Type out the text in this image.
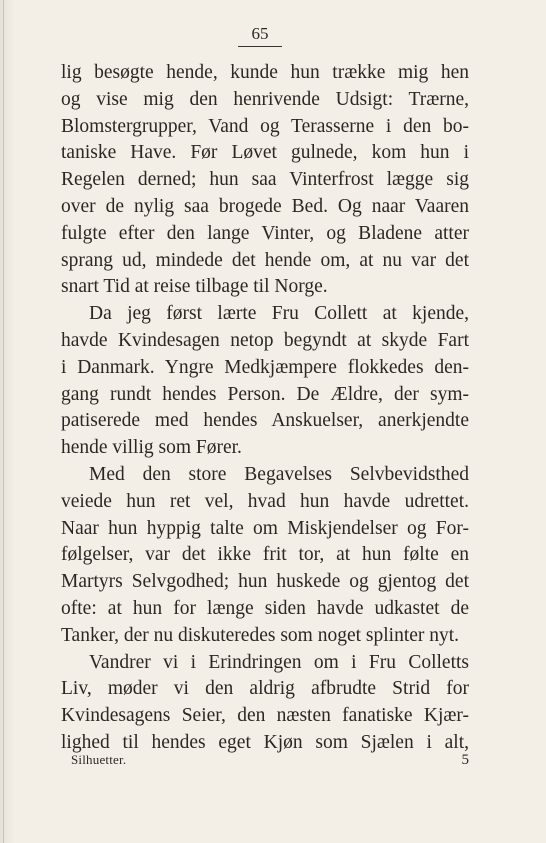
65
lig besøgte hende, kunde hun trække mig hen
og vise mig den henrivende Udsigt: Trærne,
Blomstergrupper, Vand og Terasserne i den bo-
taniske Have. Før Løvet gulnede, kom hun i
Regelen derned; hun saa Vinterfrost lægge sig
over de nylig saa brogede Bed. Og naar Vaaren
fulgte efter den lange Vinter, og Bladene atter
sprang ud, mindede det hende om, at nu var det
snart Tid at reise tilbage til Norge.
Da jeg først lærte Fru Collett at kjende,
havde Kvindesagen netop begyndt at skyde Fart
i Danmark. Yngre Medkjæmpere flokkedes den-
gang rundt hendes Person. De Ældre, der sym-
patiserede med hendes Anskuelser, anerkjendte
hende villig som Fører.
Med den store Begavelses Selvbevidsthed
veiede hun ret vel, hvad hun havde udrettet.
Naar hun hyppig talte om Miskjendelser og For-
følgelser, var det ikke frit tor, at hun følte en
Martyrs Selvgodhed; hun huskede og gjentog det
ofte: at hun for længe siden havde udkastet de
Tanker, der nu diskuteredes som noget splinter nyt.
Vandrer vi i Erindringen om i Fru Colletts
Liv, møder vi den aldrig afbrudte Strid for
Kvindesagens Seier, den næsten fanatiske Kjær-
lighed til hendes eget Kjøn som Sjælen i alt,
Silhuetter.	5
